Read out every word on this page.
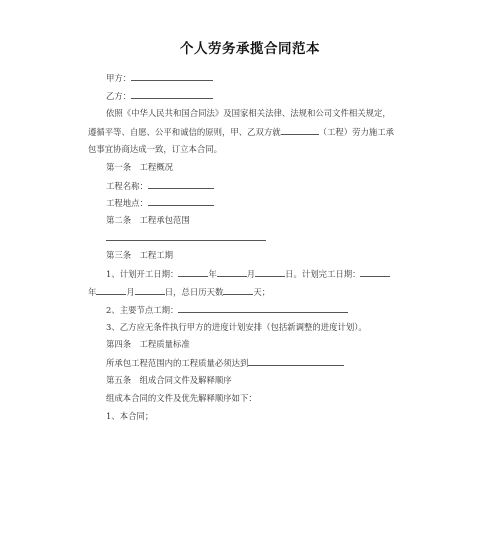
个人劳务承揽合同范本
甲方：
乙方：
依照《中华人民共和国合同法》及国家相关法律、法规和公司文件相关规定，
遵循平等、自愿、公平和诚信的原则，甲、乙双方就	（工程）劳力施工承
包事宜协商达成一致，订立本合同。
第一条　工程概况
工程名称：
工程地点：
第二条　工程承包范围
第三条　工程工期
1、计划开工日期：	年	月	日。计划完工日期：
年	月	日，总日历天数	天；
2、主要节点工期：
3、乙方应无条件执行甲方的进度计划安排（包括新调整的进度计划）。
第四条　工程质量标准
所承包工程范围内的工程质量必须达到
第五条　组成合同文件及解释顺序
组成本合同的文件及优先解释顺序如下：
1、本合同；
